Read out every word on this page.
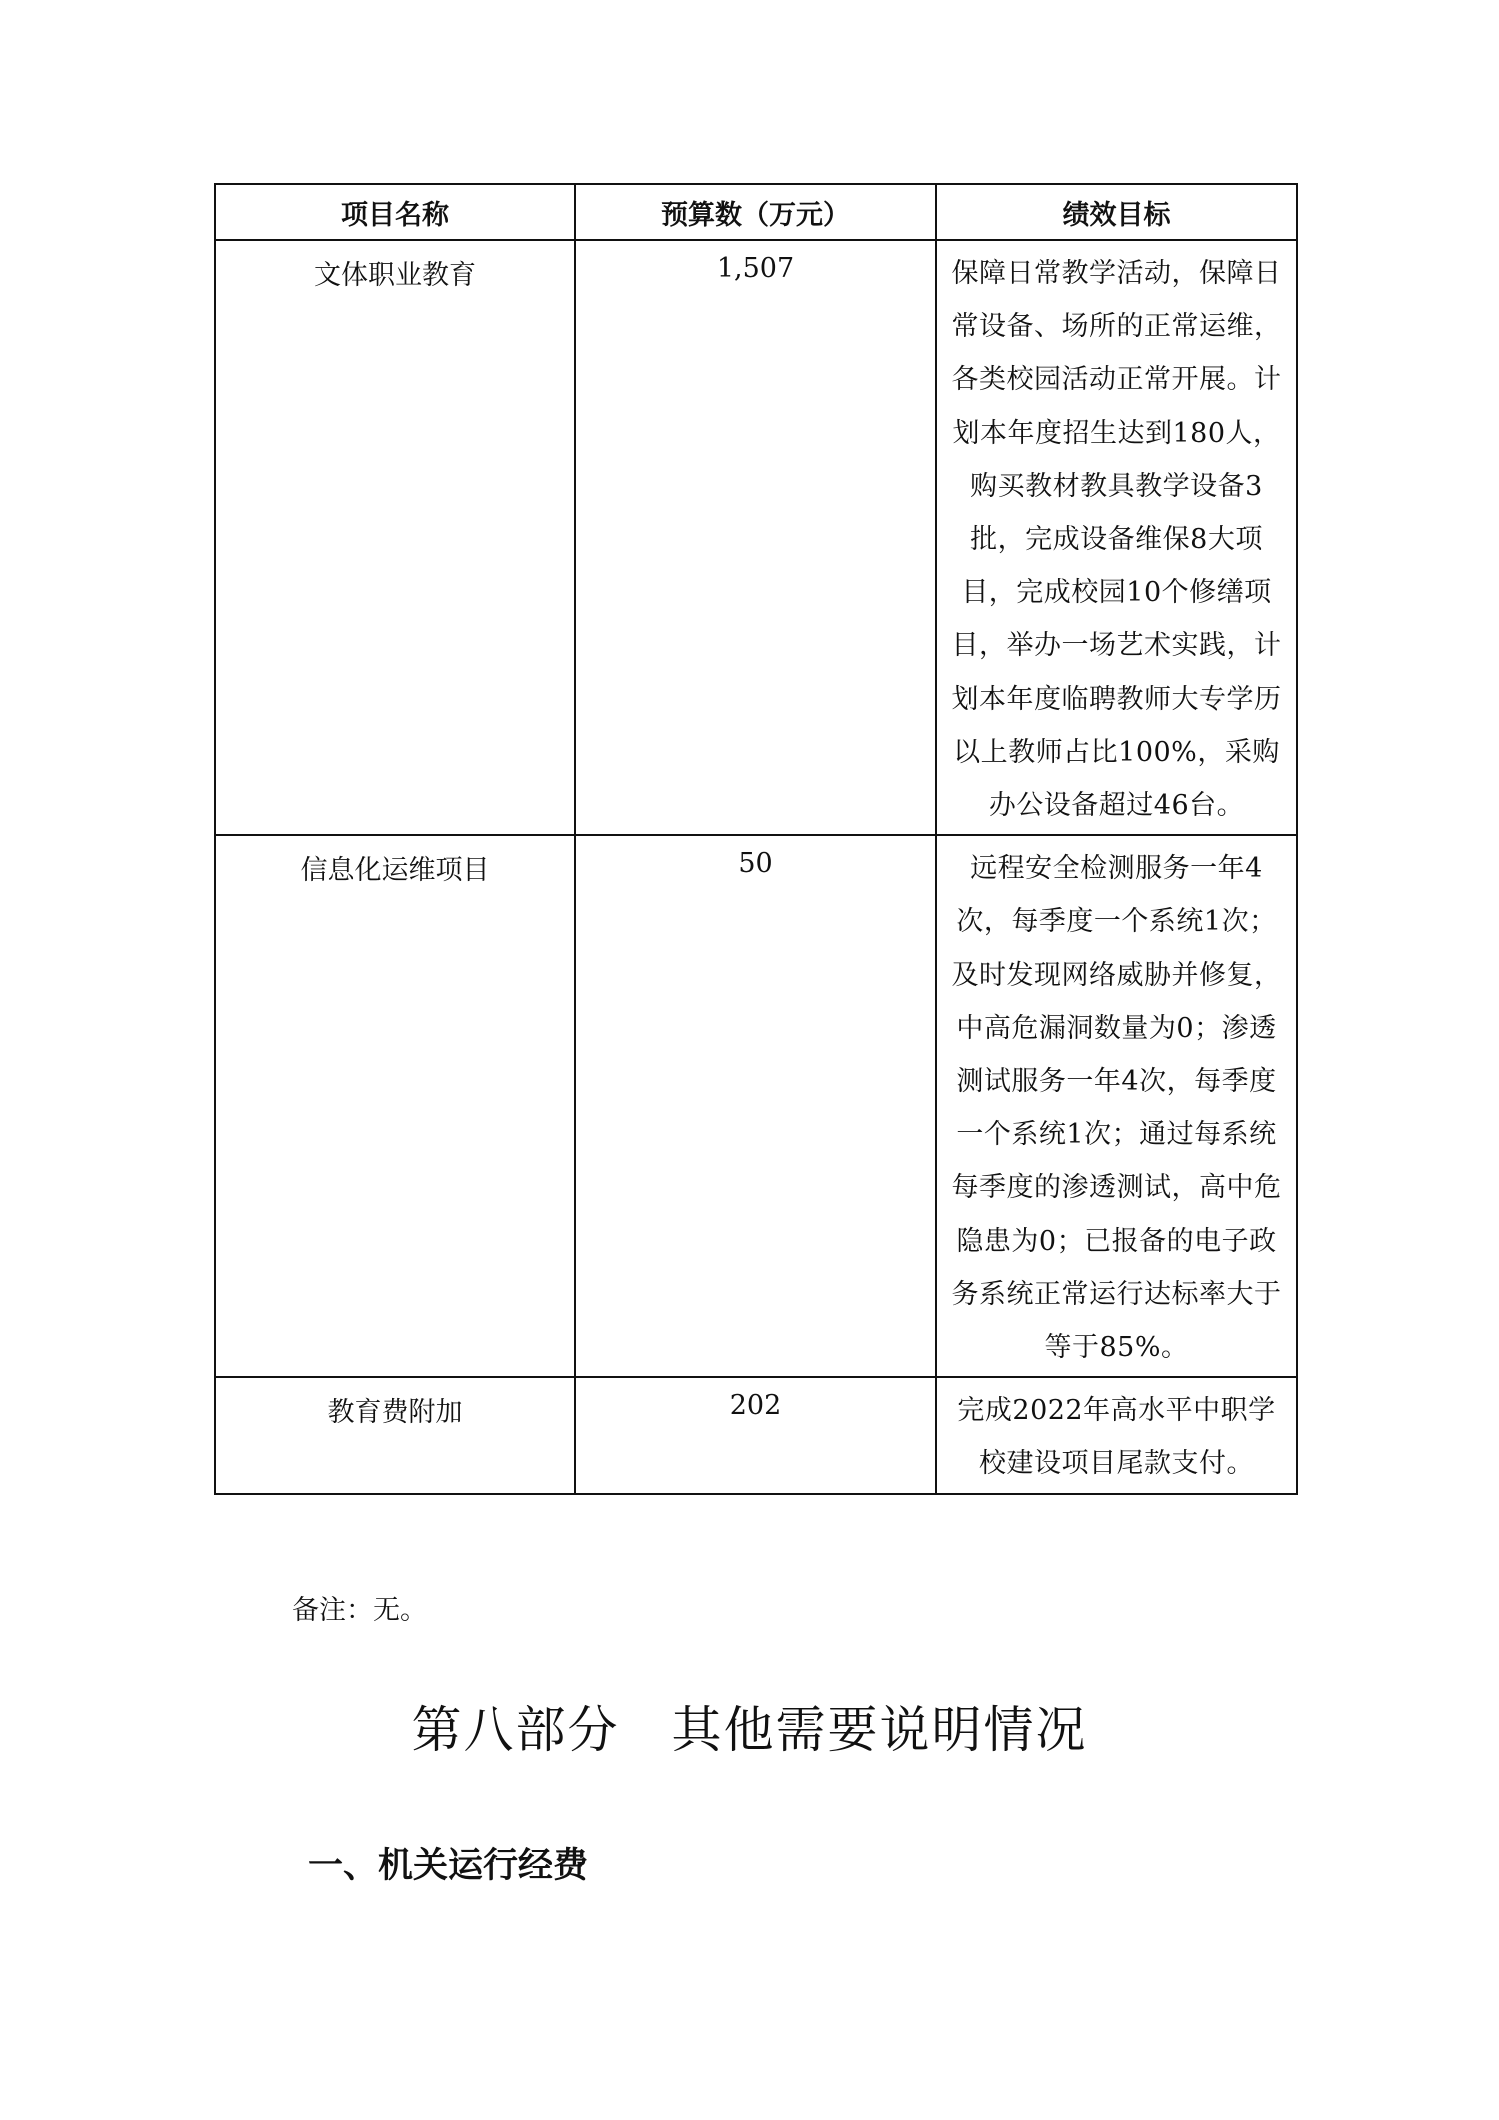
项目名称	预算数（万元）	绩效目标
文体职业教育	1,507	保障日常教学活动，保障日常设备、场所的正常运维，各类校园活动正常开展。计划本年度招生达到180人，购买教材教具教学设备3批，完成设备维保8大项目，完成校园10个修缮项目，举办一场艺术实践，计划本年度临聘教师大专学历以上教师占比100%，采购办公设备超过46台。
信息化运维项目	50	远程安全检测服务一年4次，每季度一个系统1次；及时发现网络威胁并修复，中高危漏洞数量为0；渗透测试服务一年4次，每季度一个系统1次；通过每系统每季度的渗透测试，高中危隐患为0；已报备的电子政务系统正常运行达标率大于等于85%。
教育费附加	202	完成2022年高水平中职学校建设项目尾款支付。
备注：无。
第八部分　其他需要说明情况
一、机关运行经费
